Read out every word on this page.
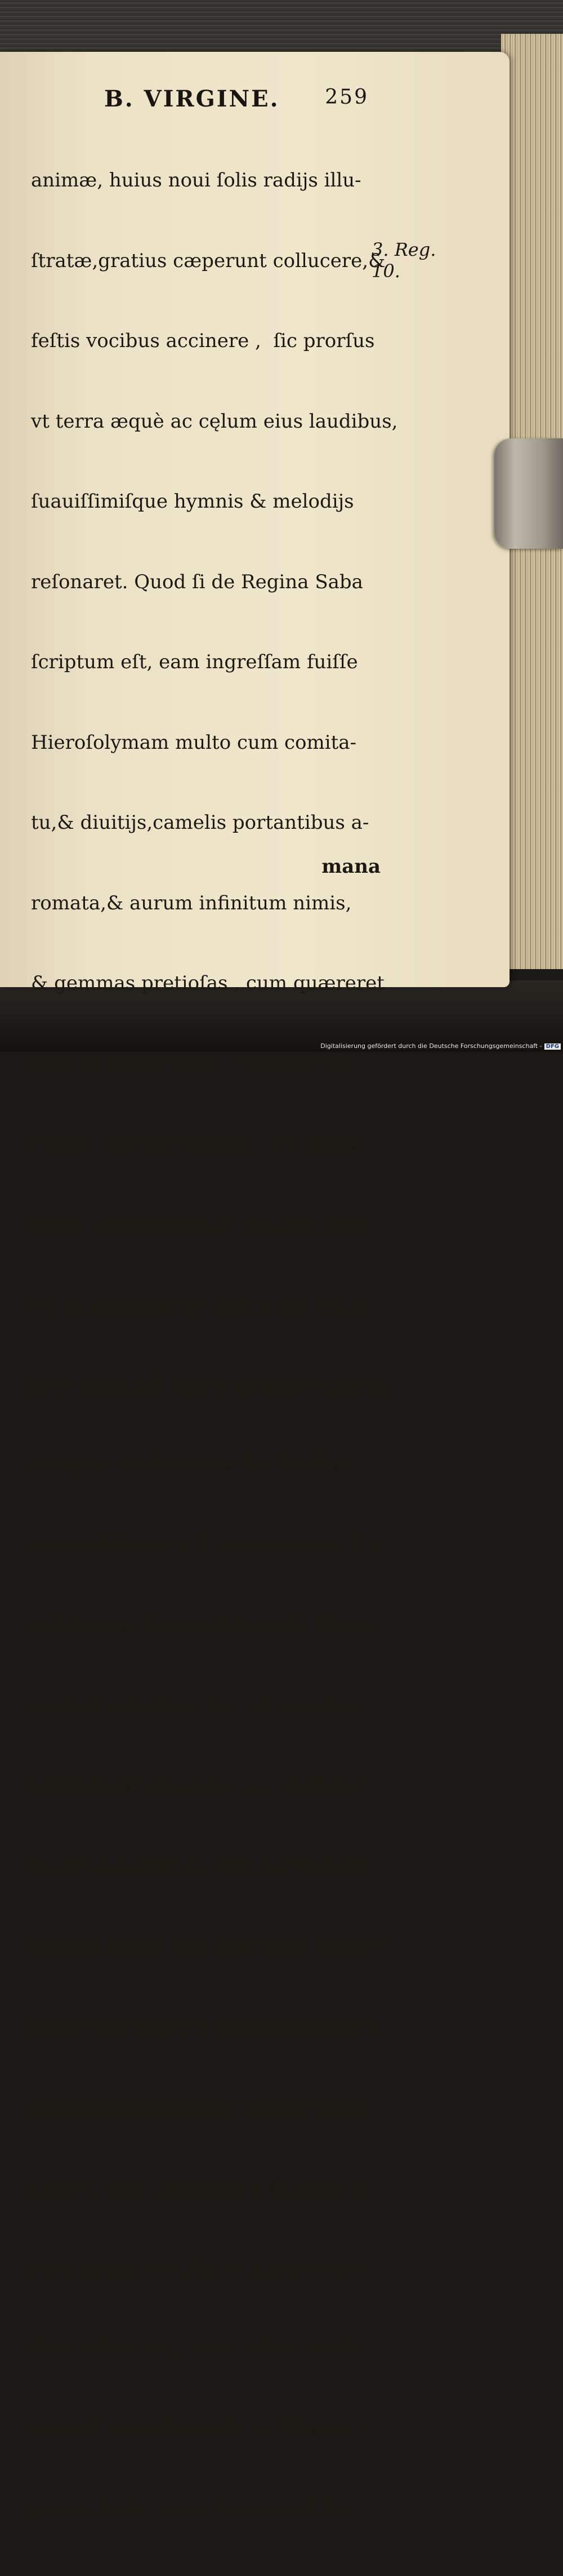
B. VIRGINE. 259

animæ, huius noui ſolis radijs illu-

ſtratæ,gratius cæperunt collucere,&

feſtis vocibus accinere ,  ſic prorſus

vt terra æquè ac cęlum eius laudibus,

ſuauiſſimiſque hymnis & melodijs

reſonaret. Quod ſi de Regina Saba

ſcriptum eſt, eam ingreſſam fuiſſe

Hieroſolymam multo cum comita-

tu,& diuitijs,camelis portantibus a-

romata,& aurum infinitum nimis,

& gemmas pretioſas , cum quæreret

Regem Salomonem : quanto nobi-

liorem, illuſtrioremque comitatum

fuiſſe credimus huius magnæ Regi-

næ & Imperatricis,non terrę ſolum,

ſed etiam cæli?quos theſauros, quan-

tas opes tot donorum & chariſma-

tum cæleſtium à diuina bonitate illi

collatorum ſecum abſtulerit? Quam

varia & odorifera fuerint excellen-

tiſſimarum virtutum eius aromata?

Quam copioſum & refulgens fuerit

perfectiſſimæ eius charitatis aurum?

Quam pretioſæ tot præſtantium prę-

rogatiuarum gemmæ, quibus ſupra

omnes alias creaturas à Domino or-

nata fuit & exculta? O quam nobile

donum hoc die, terra noſtra intulit

cælo,vt dum damus & viciſſim reci-

pimus, fælici amicitiæ vinculo hu-

mana
3. Reg. 10.
Digitalisierung gefördert durch die Deutsche Forschungsgemeinschaft - DFG
